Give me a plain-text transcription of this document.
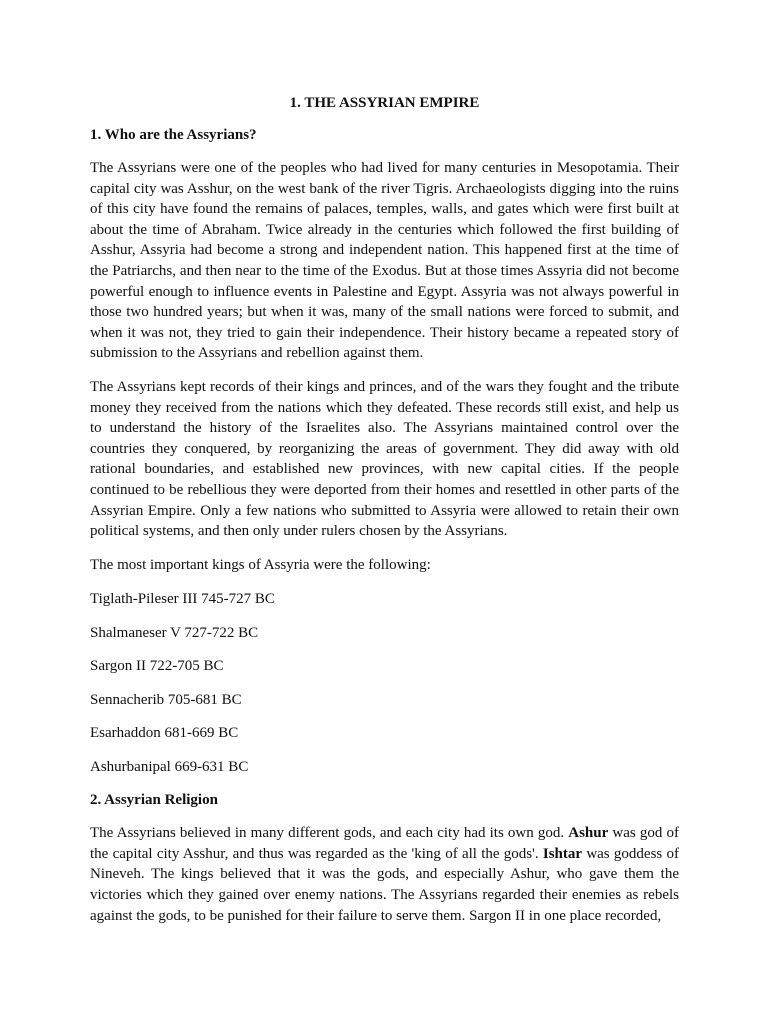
1. THE ASSYRIAN EMPIRE
1. Who are the Assyrians?

The Assyrians were one of the peoples who had lived for many centuries in Mesopotamia. Their capital city was Asshur, on the west bank of the river Tigris. Archaeologists digging into the ruins of this city have found the remains of palaces, temples, walls, and gates which were first built at about the time of Abraham. Twice already in the centuries which followed the first building of Asshur, Assyria had become a strong and independent nation. This happened first at the time of the Patriarchs, and then near to the time of the Exodus. But at those times Assyria did not become powerful enough to influence events in Palestine and Egypt. Assyria was not always powerful in those two hundred years; but when it was, many of the small nations were forced to submit, and when it was not, they tried to gain their independence. Their history became a repeated story of submission to the Assyrians and rebellion against them.

The Assyrians kept records of their kings and princes, and of the wars they fought and the tribute money they received from the nations which they defeated. These records still exist, and help us to understand the history of the Israelites also. The Assyrians maintained control over the countries they conquered, by reorganizing the areas of government. They did away with old rational boundaries, and established new provinces, with new capital cities. If the people continued to be rebellious they were deported from their homes and resettled in other parts of the Assyrian Empire. Only a few nations who submitted to Assyria were allowed to retain their own political systems, and then only under rulers chosen by the Assyrians.

The most important kings of Assyria were the following:

Tiglath-Pileser III 745-727 BC
Shalmaneser V 727-722 BC
Sargon II 722-705 BC
Sennacherib 705-681 BC
Esarhaddon 681-669 BC
Ashurbanipal 669-631 BC
2. Assyrian Religion

The Assyrians believed in many different gods, and each city had its own god. Ashur was god of the capital city Asshur, and thus was regarded as the 'king of all the gods'. Ishtar was goddess of Nineveh. The kings believed that it was the gods, and especially Ashur, who gave them the victories which they gained over enemy nations. The Assyrians regarded their enemies as rebels against the gods, to be punished for their failure to serve them. Sargon II in one place recorded,
